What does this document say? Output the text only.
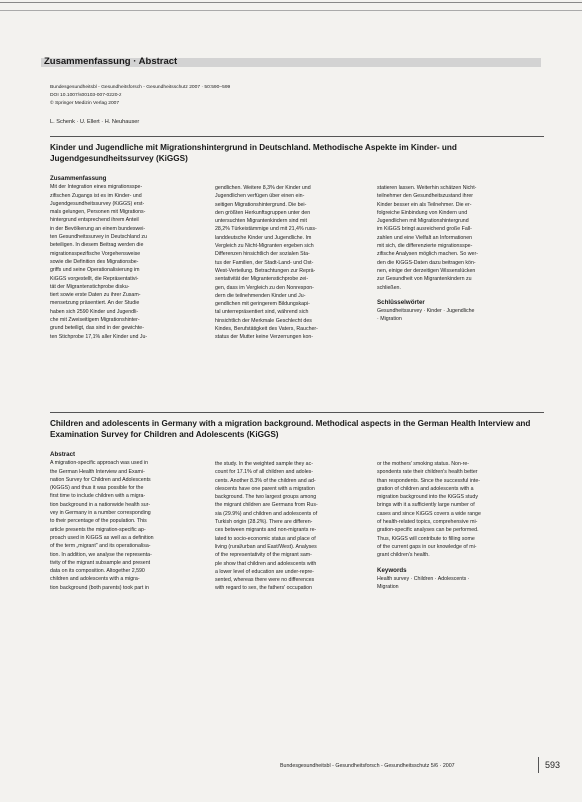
Zusammenfassung · Abstract
Bundesgesundheitsbl - Gesundheitsforsch - Gesundheitsschutz 2007 · 50:590–599
DOI 10.1007/s00103-007-0220-z
© Springer Medizin Verlag 2007
L. Schenk · U. Ellert · H. Neuhauser
Kinder und Jugendliche mit Migrationshintergrund in Deutschland. Methodische Aspekte im Kinder- und Jugendgesundheitssurvey (KiGGS)

Zusammenfassung

Mit der Integration eines migrationsspe-
zifischen Zugangs ist es im Kinder- und
Jugendgesundheitssurvey (KiGGS) erst-
mals gelungen, Personen mit Migrations-
hintergrund entsprechend ihrem Anteil
in der Bevölkerung an einem bundeswei-
ten Gesundheitssurvey in Deutschland zu
beteiligen. In diesem Beitrag werden die
migrationsspezifische Vorgehensweise
sowie die Definition des Migrationsbe-
griffs und seine Operationalisierung im
KiGGS vorgestellt, die Repräsentativi-
tät der Migrantenstichprobe disku-
tiert sowie erste Daten zu ihrer Zusam-
mensetzung präsentiert. An der Studie
haben sich 2590 Kinder und Jugendli-
che mit Zweiseitigem Migrationshinter-
grund beteiligt, das sind in der gewichte-
ten Stichprobe 17,1% aller Kinder und Ju-
gendlichen. Weitere 8,3% der Kinder und
Jugendlichen verfügen über einen ein-
seitigen Migrationshintergrund. Die bei-
den größten Herkunftsgruppen unter den
untersuchten Migrantenkindern sind mit
28,2% Türkeistämmige und mit 21,4% russ-
landdeutsche Kinder und Jugendliche. Im
Vergleich zu Nicht-Migranten ergeben sich
Differenzen hinsichtlich der sozialen Sta-
tus der Familien, der Stadt-Land- und Ost-
West-Verteilung. Betrachtungen zur Reprä-
sentativität der Migrantenstichprobe zei-
gen, dass im Vergleich zu den Nonrespon-
dern die teilnehmenden Kinder und Ju-
gendlichen mit geringerem Bildungskapi-
tal unterrepräsentiert sind, während sich
hinsichtlich der Merkmale Geschlecht des
Kindes, Berufstätigkeit des Vaters, Raucher-
status der Mutter keine Verzerrungen kon-
statieren lassen. Weiterhin schätzen Nicht-
teilnehmer den Gesundheitszustand ihrer
Kinder besser ein als Teilnehmer. Die er-
folgreiche Einbindung von Kindern und
Jugendlichen mit Migrationshintergrund
im KiGGS bringt ausreichend große Fall-
zahlen und eine Vielfalt an Informationen
mit sich, die differenzierte migrationsspe-
zifische Analysen möglich machen. So wer-
den die KiGGS-Daten dazu beitragen kön-
nen, einige der derzeitigen Wissenslücken
zur Gesundheit von Migrantenkindern zu
schließen.

Schlüsselwörter

Gesundheitssurvey · Kinder · Jugendliche
· Migration
Children and adolescents in Germany with a migration background. Methodical aspects in the German Health Interview and Examination Survey for Children and Adolescents (KiGGS)

Abstract

A migration-specific approach was used in
the German Health Interview and Exami-
nation Survey for Children and Adolescents
(KiGGS) and thus it was possible for the
first time to include children with a migra-
tion background in a nationwide health sur-
vey in Germany in a number corresponding
to their percentage of the population. This
article presents the migration-specific ap-
proach used in KiGGS as well as a definition
of the term „migrant" and its operationalisa-
tion. In addition, we analyse the representa-
tivity of the migrant subsample and present
data on its composition. Altogether 2,590
children and adolescents with a migra-
tion background (both parents) took part in
the study. In the weighted sample they ac-
count for 17.1% of all children and adoles-
cents. Another 8.3% of the children and ad-
olescents have one parent with a migration
background. The two largest groups among
the migrant children are Germans from Rus-
sia (29.9%) and children and adolescents of
Turkish origin (28.2%). There are differen-
ces between migrants and non-migrants re-
lated to socio-economic status and place of
living (rural/urban and East/West). Analyses
of the representativity of the migrant sam-
ple show that children and adolescents with
a lower level of education are under-repre-
sented, whereas there were no differences
with regard to sex, the fathers' occupation
or the mothers' smoking status. Non-re-
spondents rate their children's health better
than respondents. Since the successful inte-
gration of children and adolescents with a
migration background into the KiGGS study
brings with it a sufficiently large number of
cases and since KiGGS covers a wide range
of health-related topics, comprehensive mi-
gration-specific analyses can be performed.
Thus, KiGGS will contribute to filling some
of the current gaps in our knowledge of mi-
grant children's health.

Keywords

Health survey · Children · Adolescents ·
Migration
Bundesgesundheitsbl - Gesundheitsforsch - Gesundheitsschutz 5/6 · 2007	593
